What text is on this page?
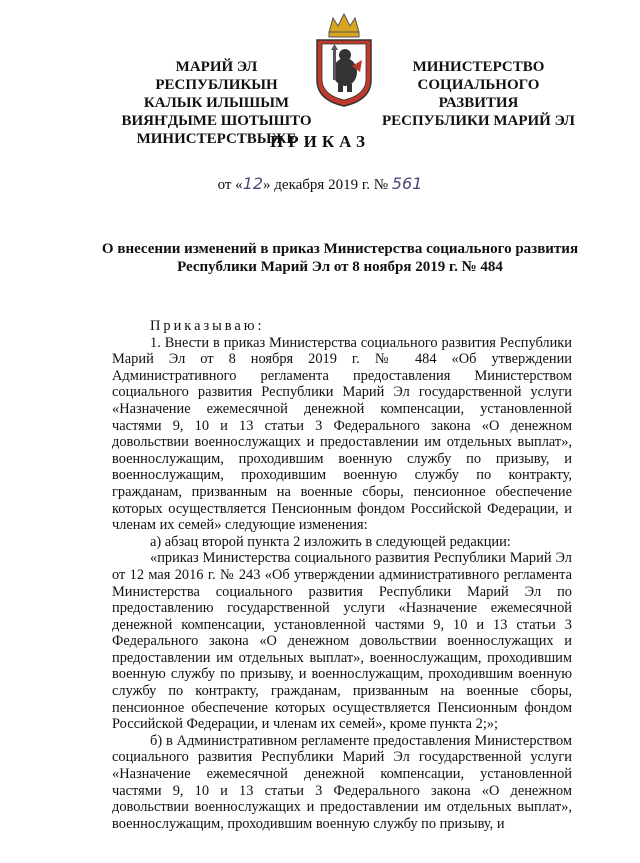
МАРИЙ ЭЛ РЕСПУБЛИКЫН
КАЛЫК ИЛЫШЫМ
ВИЯҤДЫМЕ ШОТЫШТО
МИНИСТЕРСТВЫЖЕ
МИНИСТЕРСТВО
СОЦИАЛЬНОГО РАЗВИТИЯ
РЕСПУБЛИКИ МАРИЙ ЭЛ
ПРИКАЗ
от «12» декабря 2019 г. № 561
О внесении изменений в приказ Министерства социального развития
Республики Марий Эл от 8 ноября 2019 г. № 484

Приказываю:

1. Внести в приказ Министерства социального развития Республики Марий Эл от 8 ноября 2019 г. № 484 «Об утверждении Административного регламента предоставления Министерством социального развития Республики Марий Эл государственной услуги «Назначение ежемесячной денежной компенсации, установленной частями 9, 10 и 13 статьи 3 Федерального закона «О денежном довольствии военнослужащих и предоставлении им отдельных выплат», военнослужащим, проходившим военную службу по призыву, и военнослужащим, проходившим военную службу по контракту, гражданам, призванным на военные сборы, пенсионное обеспечение которых осуществляется Пенсионным фондом Российской Федерации, и членам их семей» следующие изменения:

а) абзац второй пункта 2 изложить в следующей редакции:

«приказ Министерства социального развития Республики Марий Эл от 12 мая 2016 г. № 243 «Об утверждении административного регламента Министерства социального развития Республики Марий Эл по предоставлению государственной услуги «Назначение ежемесячной денежной компенсации, установленной частями 9, 10 и 13 статьи 3 Федерального закона «О денежном довольствии военнослужащих и предоставлении им отдельных выплат», военнослужащим, проходившим военную службу по призыву, и военнослужащим, проходившим военную службу по контракту, гражданам, призванным на военные сборы, пенсионное обеспечение которых осуществляется Пенсионным фондом Российской Федерации, и членам их семей», кроме пункта 2;»;

б) в Административном регламенте предоставления Министерством социального развития Республики Марий Эл государственной услуги «Назначение ежемесячной денежной компенсации, установленной частями 9, 10 и 13 статьи 3 Федерального закона «О денежном довольствии военнослужащих и предоставлении им отдельных выплат», военнослужащим, проходившим военную службу по призыву, и
